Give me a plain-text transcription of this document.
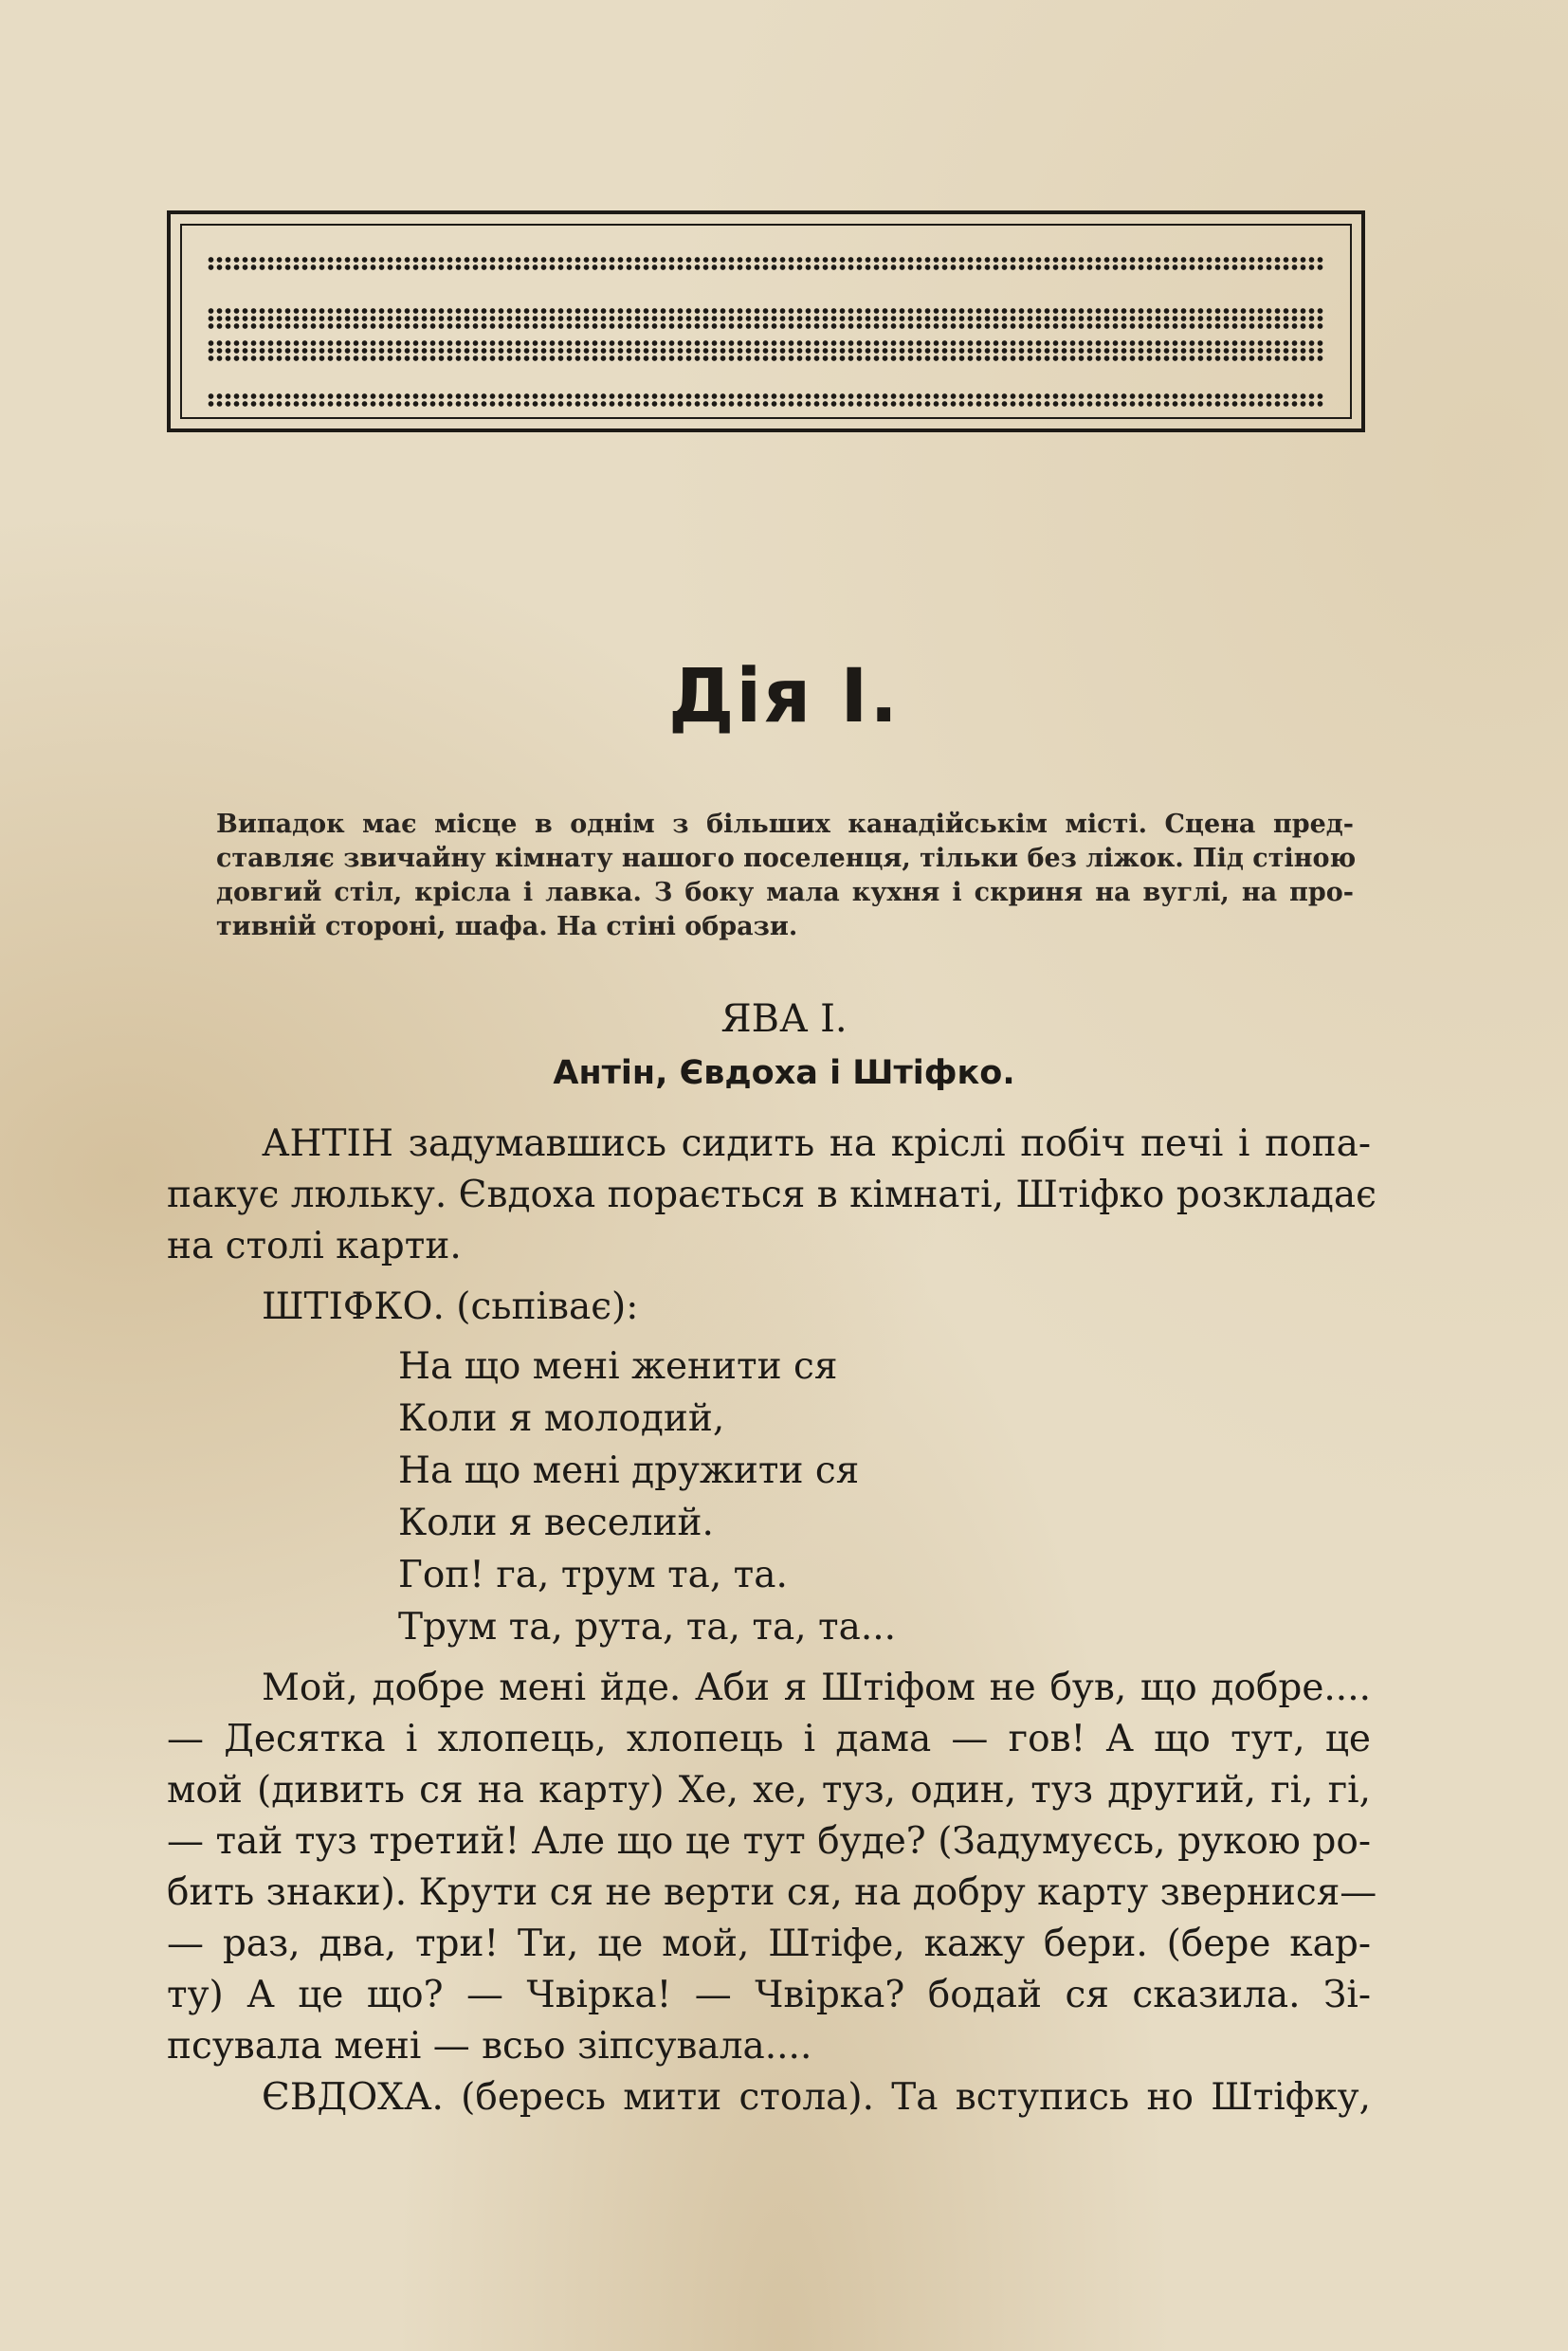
Дія I.
Випадок має місце в однім з більших канадійськім місті. Сцена пред-
ставляє звичайну кімнату нашого поселенця, тільки без ліжок. Під стіною
довгий стіл, крісла і лавка. З боку мала кухня і скриня на вуглі, на про-
тивній стороні, шафа. На стіні образи.
ЯВА I.
Антін, Євдоха і Штіфко.
АНТІН задумавшись сидить на кріслі побіч печі і попа-
пакує люльку. Євдоха порається в кімнаті, Штіфко розкладає
на столі карти.
ШТІФКО. (сьпіває):
На що мені женити ся
Коли я молодий,
На що мені дружити ся
Коли я веселий.
Гоп! га, трум та, та.
Трум та, рута, та, та, та...
Мой, добре мені йде. Аби я Штіфом не був, що добре....
— Десятка і хлопець, хлопець і дама — гов! А що тут, це
мой (дивить ся на карту) Хе, хе, туз, один, туз другий, гі, гі,
— тай туз третий! Але що це тут буде? (Задумуєсь, рукою ро-
бить знаки). Крути ся не верти ся, на добру карту звернися—
— раз, два, три! Ти, це мой, Штіфе, кажу бери. (бере кар-
ту) А це що? — Чвірка! — Чвірка? бодай ся сказила. Зі-
псувала мені — всьо зіпсувала....
ЄВДОХА. (береcь мити стола). Та вступись но Штіфку,
